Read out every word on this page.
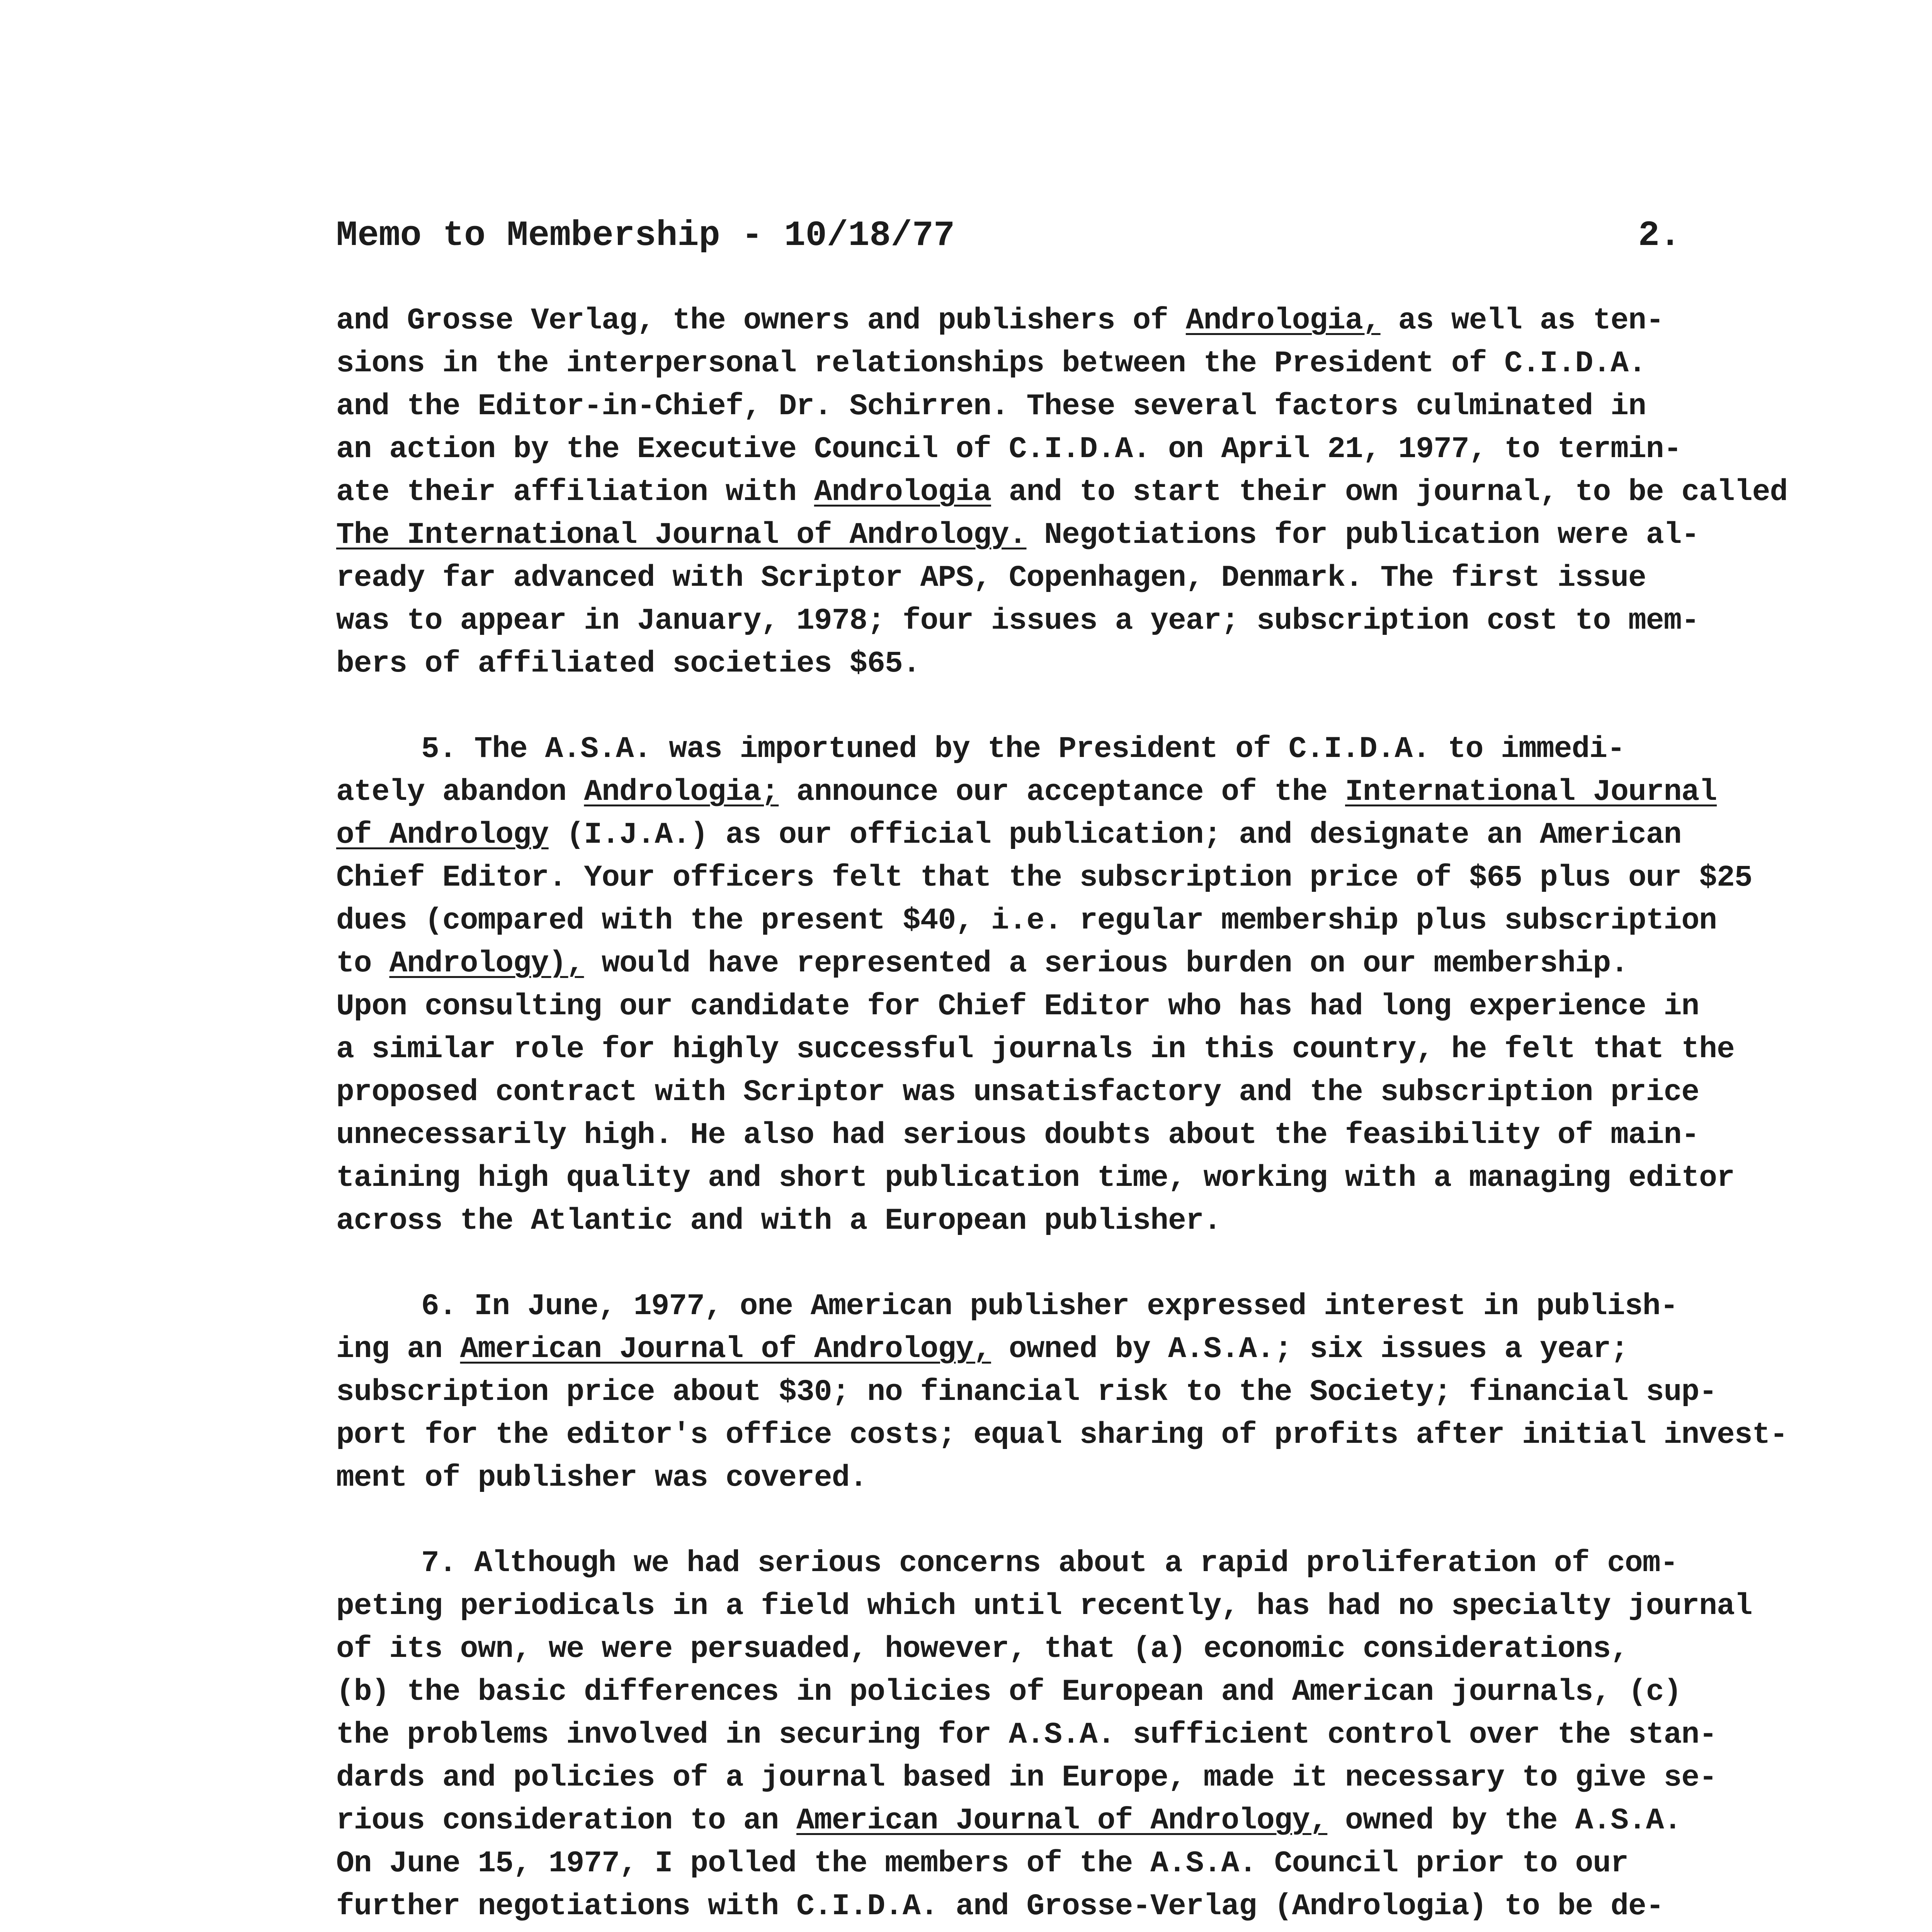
Memo to Membership - 10/18/77	2.
and Grosse Verlag, the owners and publishers of Andrologia, as well as ten-
sions in the interpersonal relationships between the President of C.I.D.A.
and the Editor-in-Chief, Dr. Schirren. These several factors culminated in
an action by the Executive Council of C.I.D.A. on April 21, 1977, to termin-
ate their affiliation with Andrologia and to start their own journal, to be called
The International Journal of Andrology. Negotiations for publication were al-
ready far advanced with Scriptor APS, Copenhagen, Denmark. The first issue
was to appear in January, 1978; four issues a year; subscription cost to mem-
bers of affiliated societies $65.
5. The A.S.A. was importuned by the President of C.I.D.A. to immedi-
ately abandon Andrologia; announce our acceptance of the International Journal
of Andrology (I.J.A.) as our official publication; and designate an American
Chief Editor. Your officers felt that the subscription price of $65 plus our $25
dues (compared with the present $40, i.e. regular membership plus subscription
to Andrology), would have represented a serious burden on our membership.
Upon consulting our candidate for Chief Editor who has had long experience in
a similar role for highly successful journals in this country, he felt that the
proposed contract with Scriptor was unsatisfactory and the subscription price
unnecessarily high. He also had serious doubts about the feasibility of main-
taining high quality and short publication time, working with a managing editor
across the Atlantic and with a European publisher.
6. In June, 1977, one American publisher expressed interest in publish-
ing an American Journal of Andrology, owned by A.S.A.; six issues a year;
subscription price about $30; no financial risk to the Society; financial sup-
port for the editor's office costs; equal sharing of profits after initial invest-
ment of publisher was covered.
7. Although we had serious concerns about a rapid proliferation of com-
peting periodicals in a field which until recently, has had no specialty journal
of its own, we were persuaded, however, that (a) economic considerations,
(b) the basic differences in policies of European and American journals, (c)
the problems involved in securing for A.S.A. sufficient control over the stan-
dards and policies of a journal based in Europe, made it necessary to give se-
rious consideration to an American Journal of Andrology, owned by the A.S.A.
On June 15, 1977, I polled the members of the A.S.A. Council prior to our
further negotiations with C.I.D.A. and Grosse-Verlag (Andrologia) to be de-
